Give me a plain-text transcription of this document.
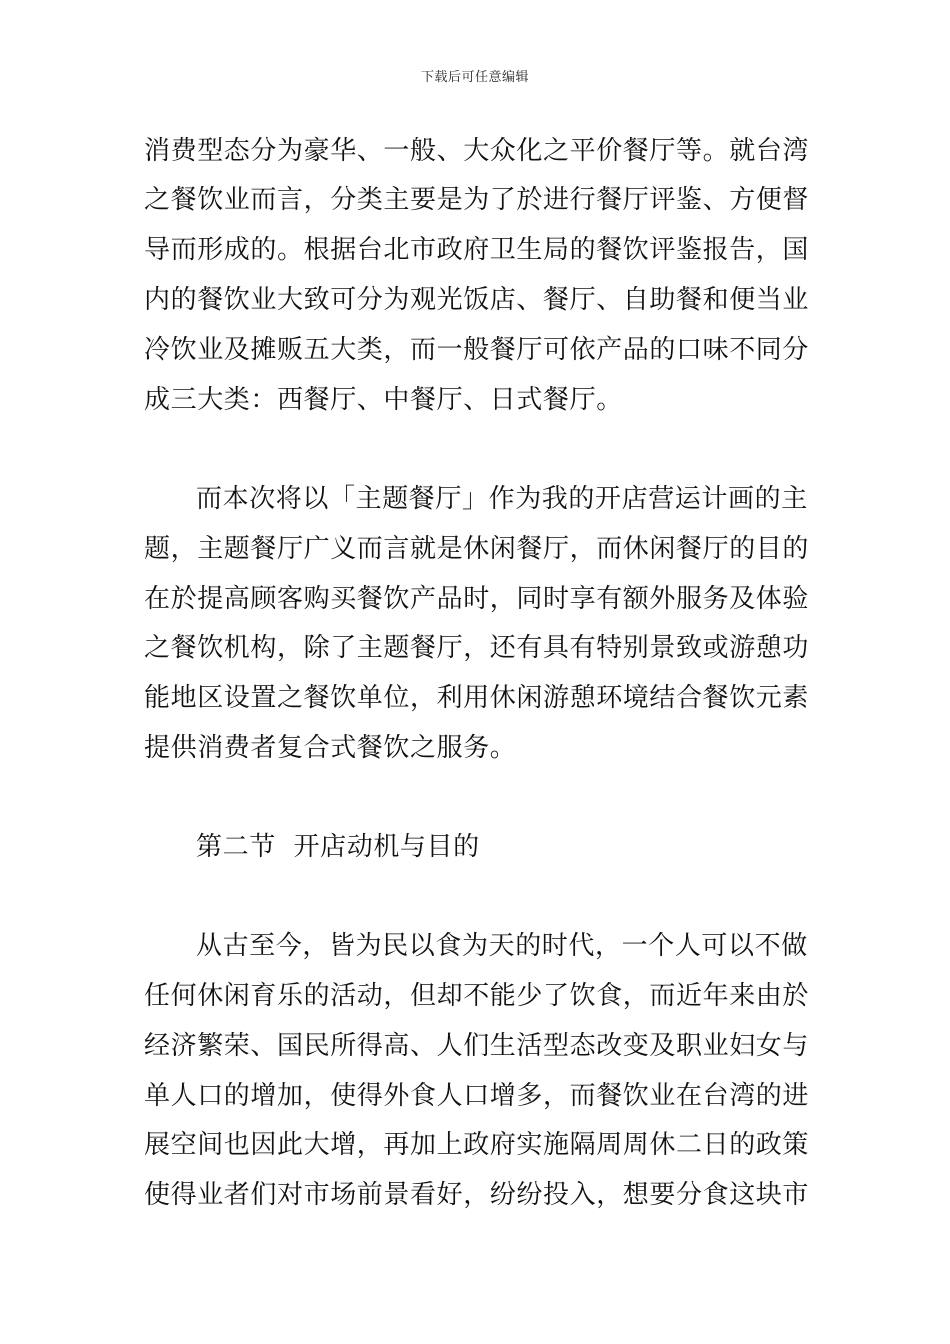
下载后可任意编辑
消费型态分为豪华、一般、大众化之平价餐厅等。就台湾
之餐饮业而言，分类主要是为了於进行餐厅评鉴、方便督
导而形成的。根据台北市政府卫生局的餐饮评鉴报告，国
内的餐饮业大致可分为观光饭店、餐厅、自助餐和便当业
冷饮业及摊贩五大类，而一般餐厅可依产品的口味不同分
成三大类：西餐厅、中餐厅、日式餐厅。
而本次将以「主题餐厅」作为我的开店营运计画的主
题，主题餐厅广义而言就是休闲餐厅，而休闲餐厅的目的
在於提高顾客购买餐饮产品时，同时享有额外服务及体验
之餐饮机构，除了主题餐厅，还有具有特别景致或游憩功
能地区设置之餐饮单位，利用休闲游憩环境结合餐饮元素
提供消费者复合式餐饮之服务。
第二节  开店动机与目的
从古至今，皆为民以食为天的时代，一个人可以不做
任何休闲育乐的活动，但却不能少了饮食，而近年来由於
经济繁荣、国民所得高、人们生活型态改变及职业妇女与
单人口的增加，使得外食人口增多，而餐饮业在台湾的进
展空间也因此大增，再加上政府实施隔周周休二日的政策
使得业者们对市场前景看好，纷纷投入，想要分食这块市
